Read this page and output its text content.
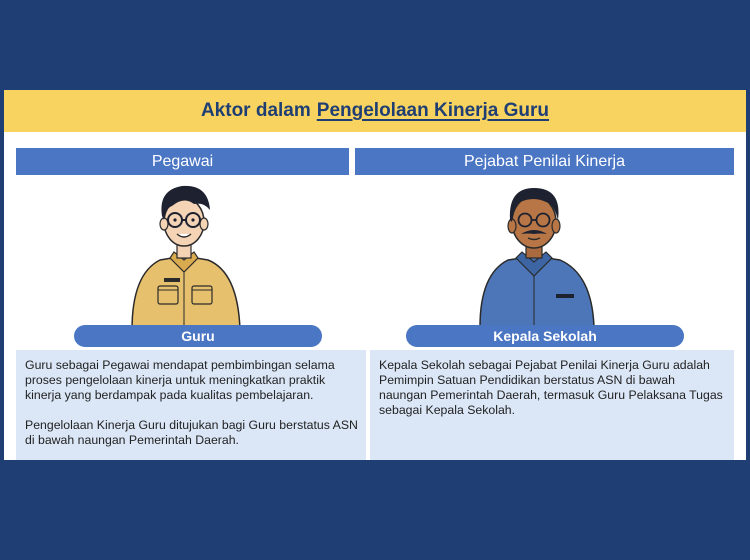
Aktor dalam Pengelolaan Kinerja Guru
Pegawai
Guru

Guru sebagai Pegawai mendapat pembimbingan selama proses pengelolaan kinerja untuk meningkatkan praktik kinerja yang berdampak pada kualitas pembelajaran.

Pengelolaan Kinerja Guru ditujukan bagi Guru berstatus ASN di bawah naungan Pemerintah Daerah.

Pejabat Penilai Kinerja
Kepala Sekolah

Kepala Sekolah sebagai Pejabat Penilai Kinerja Guru adalah Pemimpin Satuan Pendidikan berstatus ASN di bawah naungan Pemerintah Daerah, termasuk Guru Pelaksana Tugas sebagai Kepala Sekolah.
